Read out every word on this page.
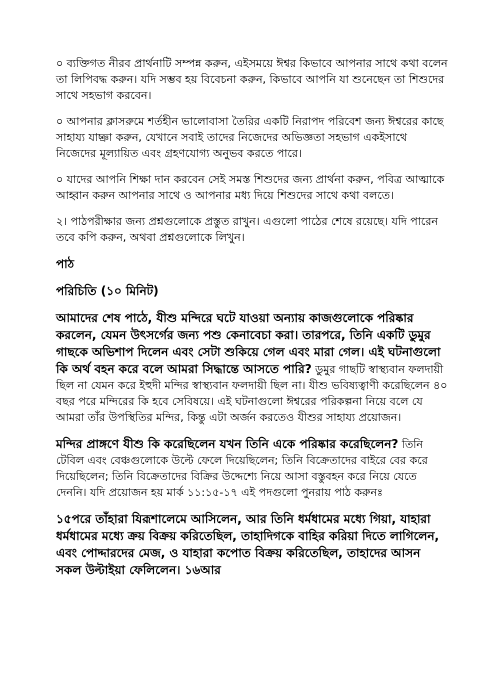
০ ব্যক্তিগত নীরব প্রার্থনাটি সম্পন্ন করুন, এইসময়ে ঈশ্বর কিভাবে আপনার সাথে কথা বলেন তা লিপিবদ্ধ করুন। যদি সম্ভব হয় বিবেচনা করুন, কিভাবে আপনি যা শুনেছেন তা শিশুদের সাথে সহভাগ করবেন।

০ আপনার ক্লাসরুমে শর্তহীন ভালোবাসা তৈরির একটি নিরাপদ পরিবেশ জন্য ঈশ্বরের কাছে সাহায্য যাচ্ঞা করুন, যেখানে সবাই তাদের নিজেদের অভিজ্ঞতা সহভাগ একইসাথে নিজেদের মূল্যায়িত এবং গ্রহণযোগ্য অনুভব করতে পারে।

০ যাদের আপনি শিক্ষা দান করবেন সেই সমস্ত শিশুদের জন্য প্রার্থনা করুন, পবিত্র আত্মাকে আহ্বান করুন আপনার সাথে ও আপনার মধ্য দিয়ে শিশুদের সাথে কথা বলতে।

২। পাঠপরীক্ষার জন্য প্রশ্নগুলোকে প্রস্তুত রাখুন। এগুলো পাঠের শেষে রয়েছে। যদি পারেন তবে কপি করুন, অথবা প্রশ্নগুলোকে লিখুন।

পাঠ

পরিচিতি (১০ মিনিট)

আমাদের শেষ পাঠে, যীশু মন্দিরে ঘটে যাওয়া অন্যায় কাজগুলোকে পরিষ্কার করলেন, যেমন উৎসর্গের জন্য পশু কেনাবেচা করা। তারপরে, তিনি একটি ডুমুর গাছকে অভিশাপ দিলেন এবং সেটা শুকিয়ে গেল এবং মারা গেল। এই ঘটনাগুলো কি অর্থ বহন করে বলে আমরা সিদ্ধান্তে আসতে পারি? ডুমুর গাছটি স্বাস্থ্যবান ফলদায়ী ছিল না যেমন করে ইহুদী মন্দির স্বাস্থ্যবান ফলদায়ী ছিল না। যীশু ভবিষ্যত্বাণী করেছিলেন ৪০ বছর পরে মন্দিরের কি হবে সেবিষয়ে। এই ঘটনাগুলো ঈশ্বরের পরিকল্পনা নিয়ে বলে যে আমরা তাঁর উপস্থিতির মন্দির, কিন্তু এটা অর্জন করতেও যীশুর সাহায্য প্রয়োজন।

মন্দির প্রাঙ্গণে যীশু কি করেছিলেন যখন তিনি একে পরিষ্কার করেছিলেন? তিনি টেবিল এবং বেঞ্চগুলোকে উল্টে ফেলে দিয়েছিলেন; তিনি বিক্রেতাদের বাইরে বের করে দিয়েছিলেন; তিনি বিক্রেতাদের বিক্রির উদ্দেশ্যে নিয়ে আসা বস্তুবহন করে নিয়ে যেতে দেননি। যদি প্রয়োজন হয় মার্ক ১১:১৫-১৭ এই পদগুলো পুনরায় পাঠ করুনঃ

১৫পরে তাঁহারা যিরূশালেমে আসিলেন, আর তিনি ধর্মধামের মধ্যে গিয়া, যাহারা ধর্মধামের মধ্যে ক্রয় বিক্রয় করিতেছিল, তাহাদিগকে বাহির করিয়া দিতে লাগিলেন, এবং পোদ্দারদের মেজ, ও যাহারা কপোত বিক্রয় করিতেছিল, তাহাদের আসন সকল উল্টাইয়া ফেলিলেন। ১৬আর
